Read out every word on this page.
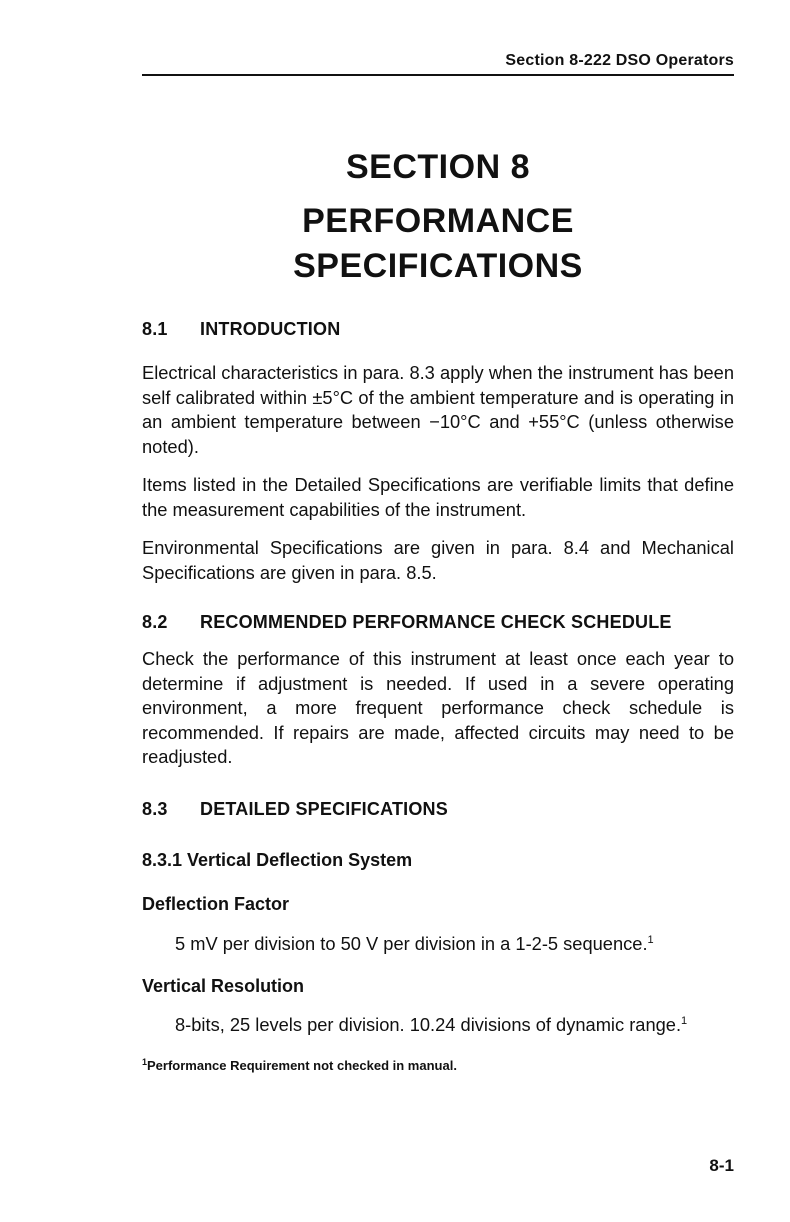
Section 8-222 DSO Operators
SECTION 8
PERFORMANCE
SPECIFICATIONS
8.1 INTRODUCTION

Electrical characteristics in para. 8.3 apply when the instrument has been self calibrated within ±5°C of the ambient temperature and is operating in an ambient temperature between −10°C and +55°C (unless otherwise noted).

Items listed in the Detailed Specifications are verifiable limits that define the measurement capabilities of the instrument.

Environmental Specifications are given in para. 8.4 and Mechanical Specifications are given in para. 8.5.

8.2 RECOMMENDED PERFORMANCE CHECK SCHEDULE

Check the performance of this instrument at least once each year to determine if adjustment is needed. If used in a severe operating environment, a more frequent performance check schedule is recommended. If repairs are made, affected circuits may need to be readjusted.

8.3 DETAILED SPECIFICATIONS
8.3.1 Vertical Deflection System
Deflection Factor

5 mV per division to 50 V per division in a 1-2-5 sequence.$^1$

Vertical Resolution

8-bits, 25 levels per division. 10.24 divisions of dynamic range.$^1$

$^1$Performance Requirement not checked in manual.
8-1
